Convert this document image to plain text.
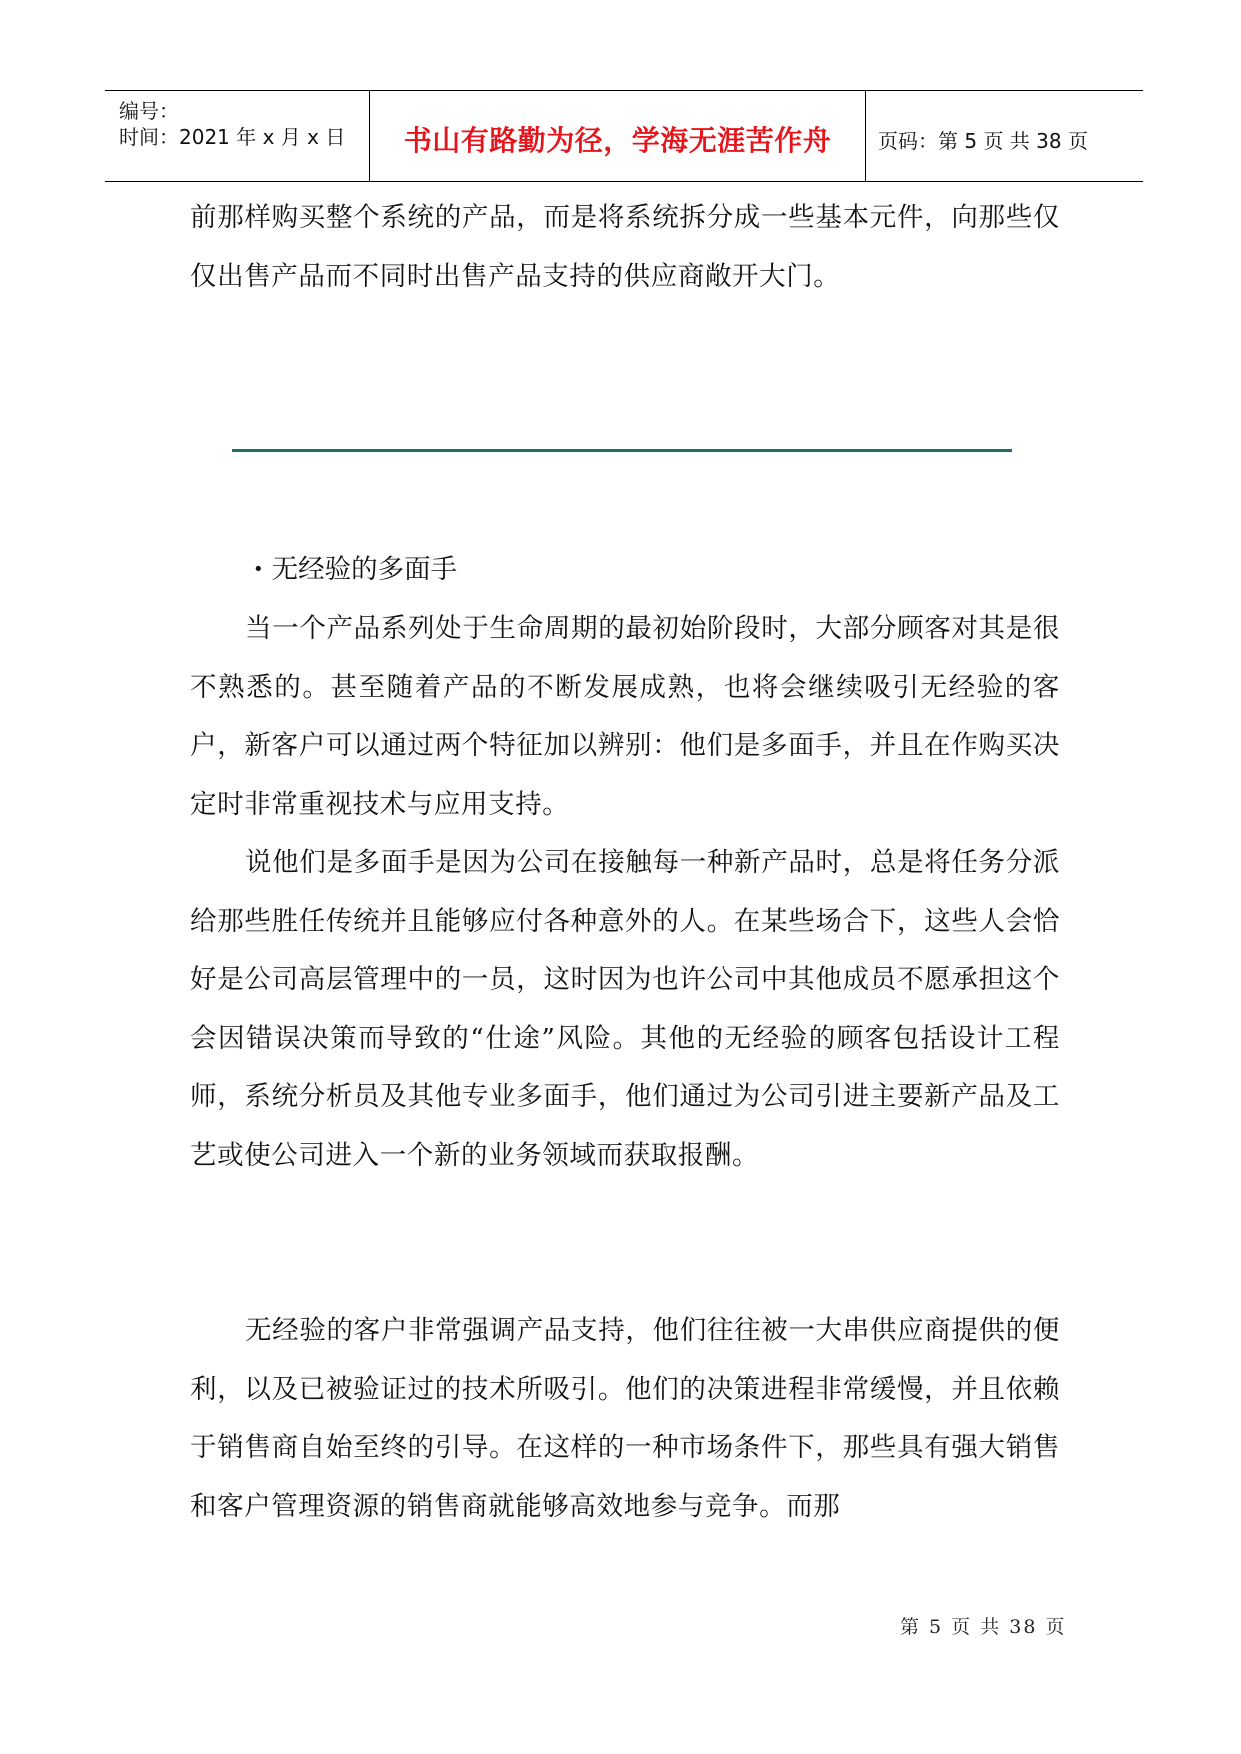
编号：
时间：2021 年 x 月 x 日	书山有路勤为径，学海无涯苦作舟	页码：第 5 页 共 38 页

前那样购买整个系统的产品，而是将系统拆分成一些基本元件，向那些仅仅出售产品而不同时出售产品支持的供应商敞开大门。

• 无经验的多面手

当一个产品系列处于生命周期的最初始阶段时，大部分顾客对其是很不熟悉的。甚至随着产品的不断发展成熟，也将会继续吸引无经验的客户，新客户可以通过两个特征加以辨别：他们是多面手，并且在作购买决定时非常重视技术与应用支持。

说他们是多面手是因为公司在接触每一种新产品时，总是将任务分派给那些胜任传统并且能够应付各种意外的人。在某些场合下，这些人会恰好是公司高层管理中的一员，这时因为也许公司中其他成员不愿承担这个会因错误决策而导致的“仕途”风险。其他的无经验的顾客包括设计工程师，系统分析员及其他专业多面手，他们通过为公司引进主要新产品及工艺或使公司进入一个新的业务领域而获取报酬。

无经验的客户非常强调产品支持，他们往往被一大串供应商提供的便利，以及已被验证过的技术所吸引。他们的决策进程非常缓慢，并且依赖于销售商自始至终的引导。在这样的一种市场条件下，那些具有强大销售和客户管理资源的销售商就能够高效地参与竞争。而那

第 5 页 共 38 页
